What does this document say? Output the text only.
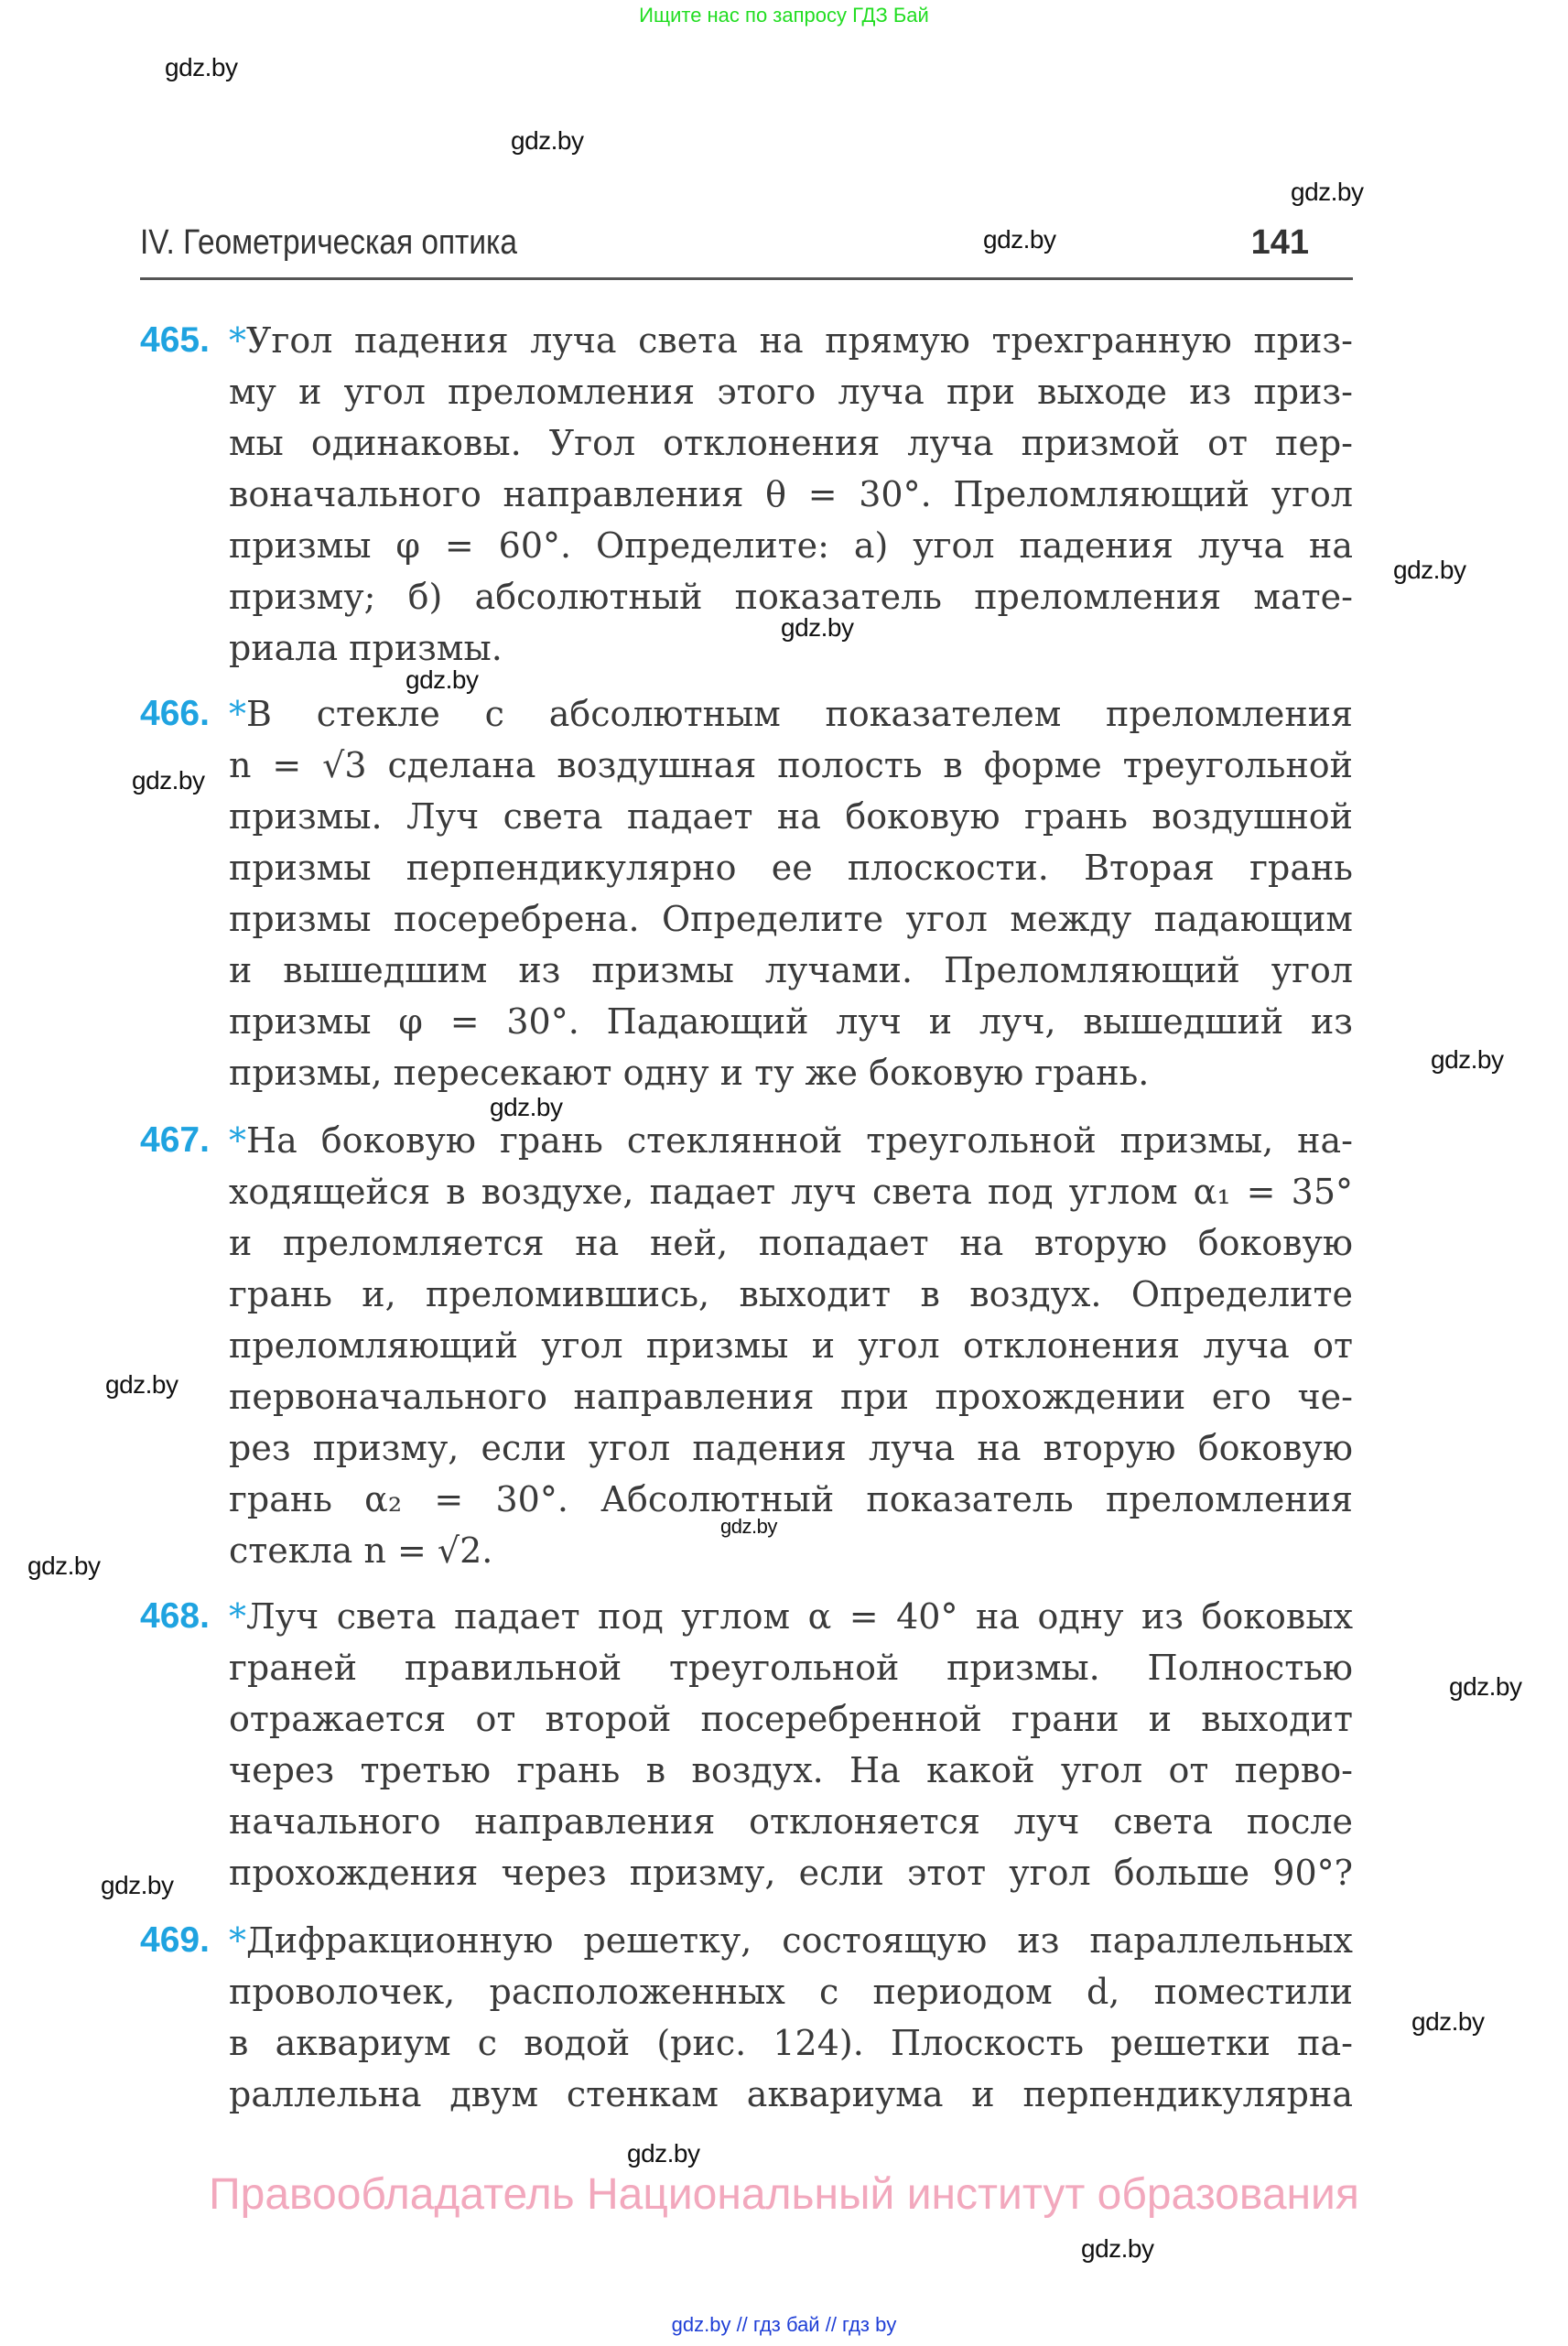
Ищите нас по запросу ГДЗ Бай
gdz.by
gdz.by
gdz.by
gdz.by
gdz.by
gdz.by
gdz.by
gdz.by
gdz.by
gdz.by
gdz.by
gdz.by
gdz.by
gdz.by
gdz.by
gdz.by
gdz.by
gdz.by
IV. Геометрическая оптика	141
465. *Угол падения луча света на прямую трехгранную приз-
му и угол преломления этого луча при выходе из приз-
мы одинаковы. Угол отклонения луча призмой от пер-
воначального направления θ = 30°. Преломляющий угол
призмы φ = 60°. Определите: а) угол падения луча на
призму; б) абсолютный показатель преломления мате-
риала призмы.
466. *В стекле с абсолютным показателем преломления
n = √3 сделана воздушная полость в форме треугольной
призмы. Луч света падает на боковую грань воздушной
призмы перпендикулярно ее плоскости. Вторая грань
призмы посеребрена. Определите угол между падающим
и вышедшим из призмы лучами. Преломляющий угол
призмы φ = 30°. Падающий луч и луч, вышедший из
призмы, пересекают одну и ту же боковую грань.
467. *На боковую грань стеклянной треугольной призмы, на-
ходящейся в воздухе, падает луч света под углом α₁ = 35°
и преломляется на ней, попадает на вторую боковую
грань и, преломившись, выходит в воздух. Определите
преломляющий угол призмы и угол отклонения луча от
первоначального направления при прохождении его че-
рез призму, если угол падения луча на вторую боковую
грань α₂ = 30°. Абсолютный показатель преломления
стекла n = √2.
468. *Луч света падает под углом α = 40° на одну из боковых
граней правильной треугольной призмы. Полностью
отражается от второй посеребренной грани и выходит
через третью грань в воздух. На какой угол от перво-
начального направления отклоняется луч света после
прохождения через призму, если этот угол больше 90°?
469. *Дифракционную решетку, состоящую из параллельных
проволочек, расположенных с периодом d, поместили
в аквариум с водой (рис. 124). Плоскость решетки па-
раллельна двум стенкам аквариума и перпендикулярна
Правообладатель Национальный институт образования
gdz.by // гдз бай // гдз by
